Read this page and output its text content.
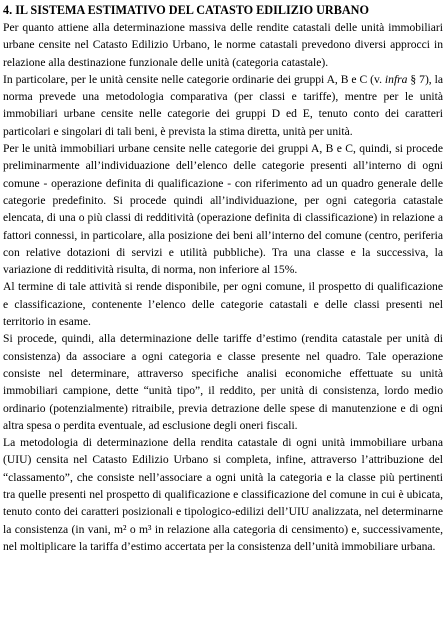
4. IL SISTEMA ESTIMATIVO DEL CATASTO EDILIZIO URBANO

Per quanto attiene alla determinazione massiva delle rendite catastali delle unità immobiliari urbane censite nel Catasto Edilizio Urbano, le norme catastali prevedono diversi approcci in relazione alla destinazione funzionale delle unità (categoria catastale).

In particolare, per le unità censite nelle categorie ordinarie dei gruppi A, B e C (v. infra § 7), la norma prevede una metodologia comparativa (per classi e tariffe), mentre per le unità immobiliari urbane censite nelle categorie dei gruppi D ed E, tenuto conto dei caratteri particolari e singolari di tali beni, è prevista la stima diretta, unità per unità.

Per le unità immobiliari urbane censite nelle categorie dei gruppi A, B e C, quindi, si procede preliminarmente all’individuazione dell’elenco delle categorie presenti all’interno di ogni comune - operazione definita di qualificazione - con riferimento ad un quadro generale delle categorie predefinito. Si procede quindi all’individuazione, per ogni categoria catastale elencata, di una o più classi di redditività (operazione definita di classificazione) in relazione a fattori connessi, in particolare, alla posizione dei beni all’interno del comune (centro, periferia con relative dotazioni di servizi e utilità pubbliche). Tra una classe e la successiva, la variazione di redditività risulta, di norma, non inferiore al 15%.

Al termine di tale attività si rende disponibile, per ogni comune, il prospetto di qualificazione e classificazione, contenente l’elenco delle categorie catastali e delle classi presenti nel territorio in esame.

Si procede, quindi, alla determinazione delle tariffe d’estimo (rendita catastale per unità di consistenza) da associare a ogni categoria e classe presente nel quadro. Tale operazione consiste nel determinare, attraverso specifiche analisi economiche effettuate su unità immobiliari campione, dette “unità tipo”, il reddito, per unità di consistenza, lordo medio ordinario (potenzialmente) ritraibile, previa detrazione delle spese di manutenzione e di ogni altra spesa o perdita eventuale, ad esclusione degli oneri fiscali.

La metodologia di determinazione della rendita catastale di ogni unità immobiliare urbana (UIU) censita nel Catasto Edilizio Urbano si completa, infine, attraverso l’attribuzione del “classamento”, che consiste nell’associare a ogni unità la categoria e la classe più pertinenti tra quelle presenti nel prospetto di qualificazione e classificazione del comune in cui è ubicata, tenuto conto dei caratteri posizionali e tipologico-edilizi dell’UIU analizzata, nel determinarne la consistenza (in vani, m² o m³ in relazione alla categoria di censimento) e, successivamente, nel moltiplicare la tariffa d’estimo accertata per la consistenza dell’unità immobiliare urbana.
